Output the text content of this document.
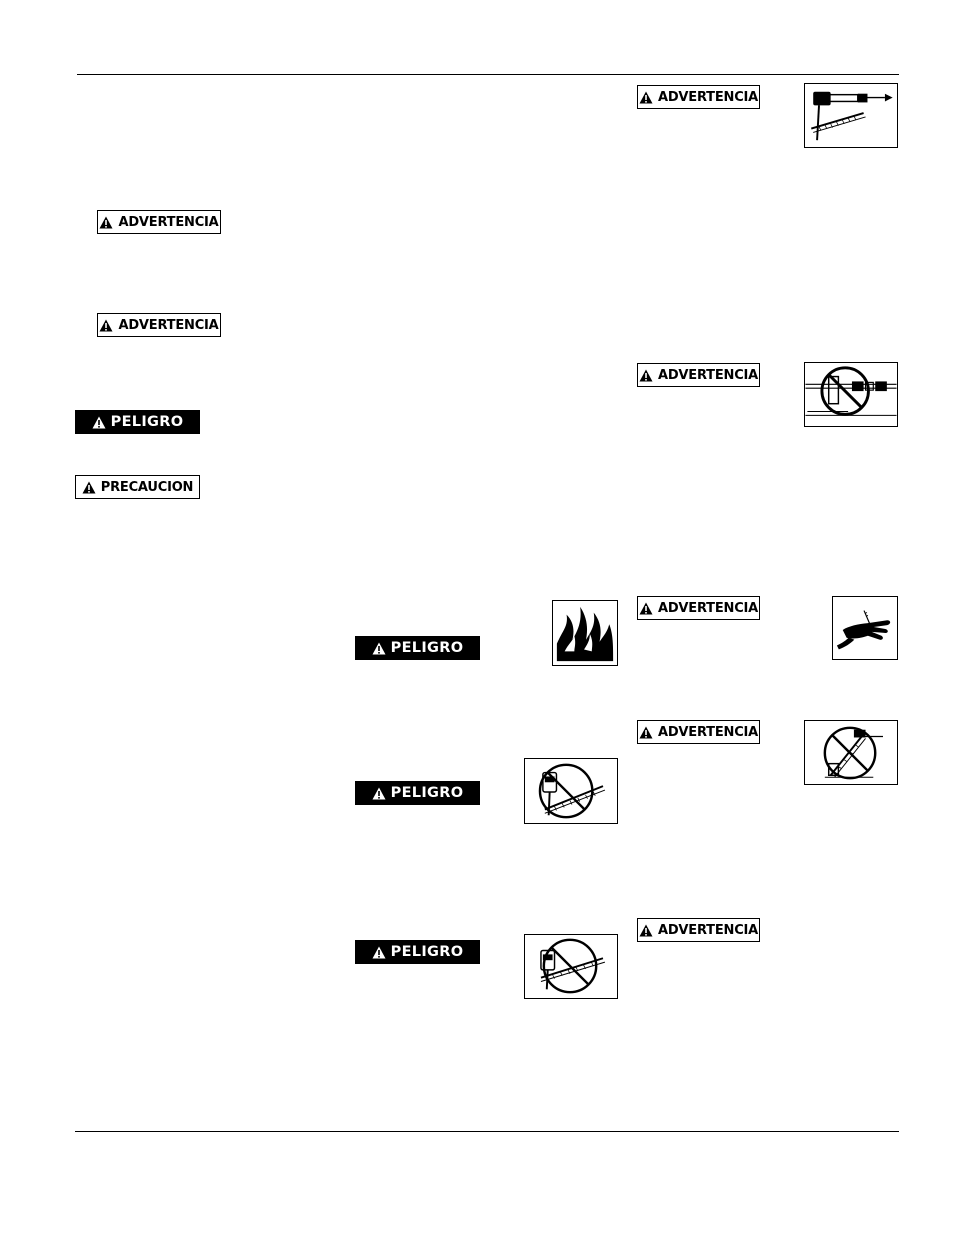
ADVERTENCIA
ADVERTENCIA
PELIGRO
PRECAUCION
PELIGRO
PELIGRO
PELIGRO
ADVERTENCIA
ADVERTENCIA
ADVERTENCIA
ADVERTENCIA
ADVERTENCIA
